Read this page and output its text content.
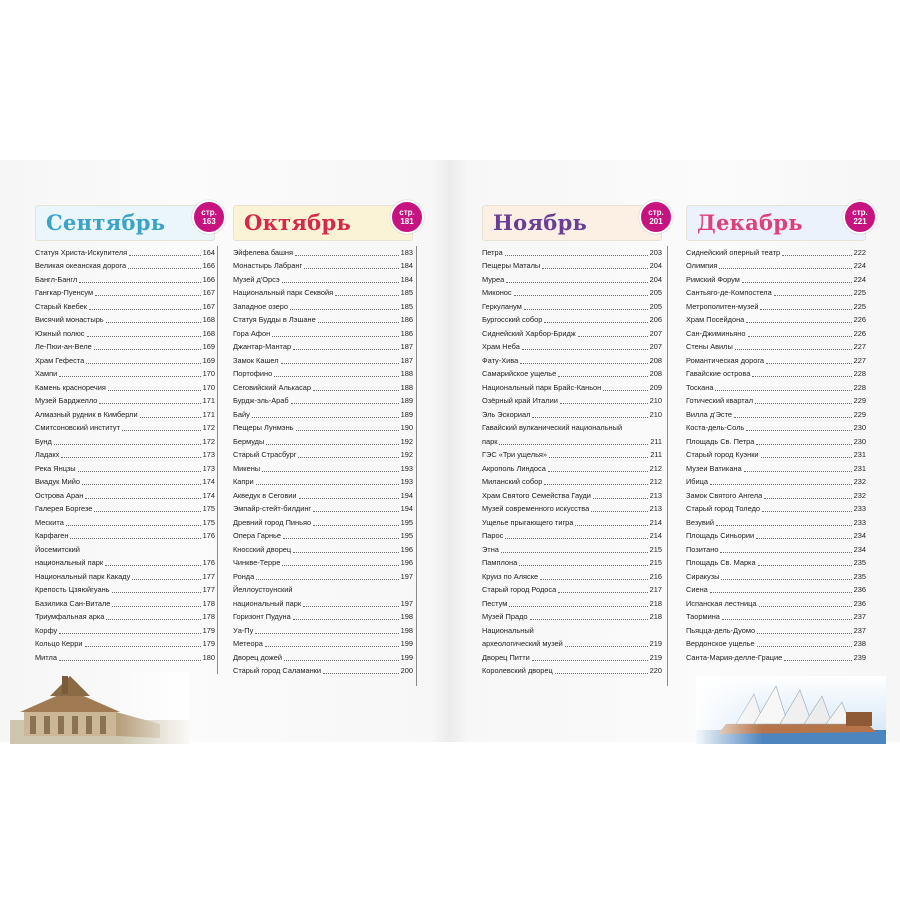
Сентябрь	стр.
163
Статуя Христа-Искупителя	164
Великая океанская дорога	166
Бангл-Бангл	166
Гангкар-Пуенсум	167
Старый Квебек	167
Висячий монастырь	168
Южный полюс	168
Ле-Пюи-ан-Веле	169
Храм Гефеста	169
Хампи	170
Камень красноречия	170
Музей Барджелло	171
Алмазный рудник в Кимберли	171
Смитсоновский институт	172
Бунд	172
Ладакх	173
Река Янцзы	173
Виадук Мийо	174
Острова Аран	174
Галерея Боргезе	175
Мескита	175
Карфаген	176
Йосемитский
национальный парк	176
Национальный парк Какаду	177
Крепость Цзяюйгуань	177
Базилика Сан-Витале	178
Триумфальная арка	178
Корфу	179
Кольцо Керри	179
Митла	180
Октябрь	стр.
181
Эйфелева башня	183
Монастырь Лабранг	184
Музей д'Орсэ	184
Национальный парк Секвойя	185
Западное озеро	185
Статуя Будды в Лэшане	186
Гора Афон	186
Джантар-Мантар	187
Замок Кашел	187
Портофино	188
Сеговийский Алькасар	188
Бурдж-эль-Араб	189
Байу	189
Пещеры Лунмэнь	190
Бермуды	192
Старый Страсбург	192
Микены	193
Капри	193
Акведук в Сеговии	194
Эмпайр-стейт-билдинг	194
Древний город Пиньяо	195
Опера Гарнье	195
Кносский дворец	196
Чинкве-Терре	196
Ронда	197
Йеллоустоунский
национальный парк	197
Горизонт Пудуна	198
Уа-Пу	198
Метеора	199
Дворец дожей	199
Старый город Саламанки	200
Ноябрь	стр.
201
Петра	203
Пещеры Маталы	204
Муреа	204
Миконос	205
Геркуланум	205
Бургосский собор	206
Сиднейский Харбор-Бридж	207
Храм Неба	207
Фату-Хива	208
Самарийское ущелье	208
Национальный парк Брайс-Каньон	209
Озёрный край Италии	210
Эль Эскориал	210
Гавайский вулканический национальный
парк	211
ГЭС «Три ущелья»	211
Акрополь Линдоса	212
Миланский собор	212
Храм Святого Семейства Гауди	213
Музей современного искусства	213
Ущелье прыгающего тигра	214
Парос	214
Этна	215
Памплона	215
Круиз по Аляске	216
Старый город Родоса	217
Пестум	218
Музей Прадо	218
Национальный
археологический музей	219
Дворец Питти	219
Королевский дворец	220
Декабрь	стр.
221
Сиднейский оперный театр	222
Олимпия	224
Римский Форум	224
Сантьяго-де-Компостела	225
Метрополитен-музей	225
Храм Посейдона	226
Сан-Джиминьяно	226
Стены Авилы	227
Романтическая дорога	227
Гавайские острова	228
Тоскана	228
Готический квартал	229
Вилла д'Эсте	229
Коста-дель-Соль	230
Площадь Св. Петра	230
Старый город Куэнки	231
Музеи Ватикана	231
Ибица	232
Замок Святого Ангела	232
Старый город Толедо	233
Везувий	233
Площадь Синьории	234
Позитано	234
Площадь Св. Марка	235
Сиракузы	235
Сиена	236
Испанская лестница	236
Таормина	237
Пьяцца-дель-Дуомо	237
Вердонское ущелье	238
Санта-Мария-делле-Грацие	239
